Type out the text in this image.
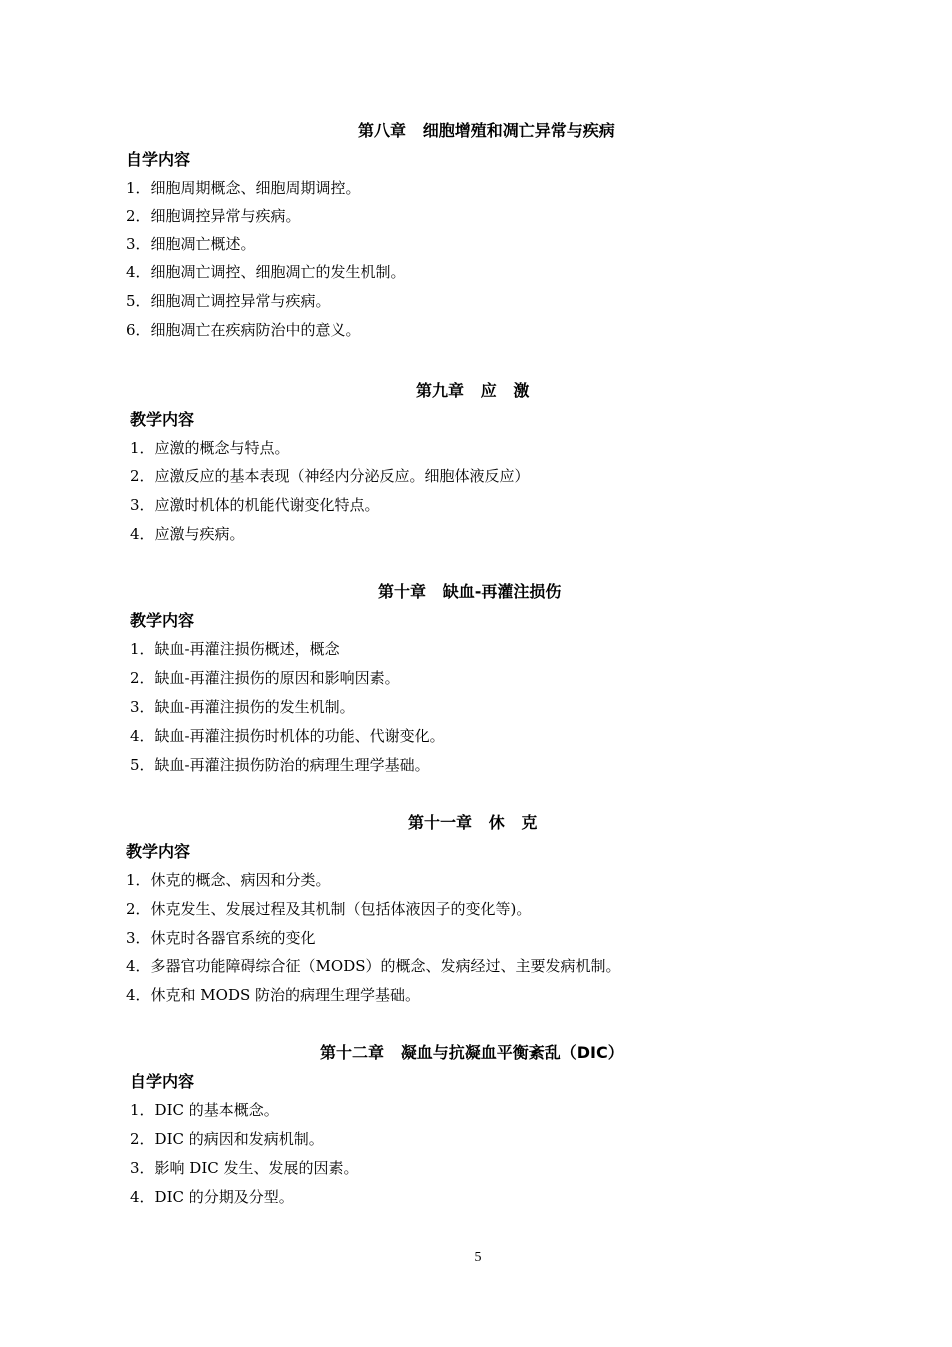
第八章   细胞增殖和凋亡异常与疾病
自学内容
1．细胞周期概念、细胞周期调控。
2．细胞调控异常与疾病。
3．细胞凋亡概述。
4．细胞凋亡调控、细胞凋亡的发生机制。
5．细胞凋亡调控异常与疾病。
6．细胞凋亡在疾病防治中的意义。
第九章   应   激
教学内容
1．应激的概念与特点。
2．应激反应的基本表现（神经内分泌反应。细胞体液反应）
3．应激时机体的机能代谢变化特点。
4．应激与疾病。
第十章   缺血-再灌注损伤
教学内容
1．缺血-再灌注损伤概述，概念
2．缺血-再灌注损伤的原因和影响因素。
3．缺血-再灌注损伤的发生机制。
4．缺血-再灌注损伤时机体的功能、代谢变化。
5．缺血-再灌注损伤防治的病理生理学基础。
第十一章   休   克
教学内容
1．休克的概念、病因和分类。
2．休克发生、发展过程及其机制（包括体液因子的变化等)。
3．休克时各器官系统的变化
4．多器官功能障碍综合征（MODS）的概念、发病经过、主要发病机制。
4．休克和 MODS 防治的病理生理学基础。
第十二章   凝血与抗凝血平衡紊乱（DIC）
自学内容
1．DIC 的基本概念。
2．DIC 的病因和发病机制。
3．影响 DIC 发生、发展的因素。
4．DIC 的分期及分型。
5
